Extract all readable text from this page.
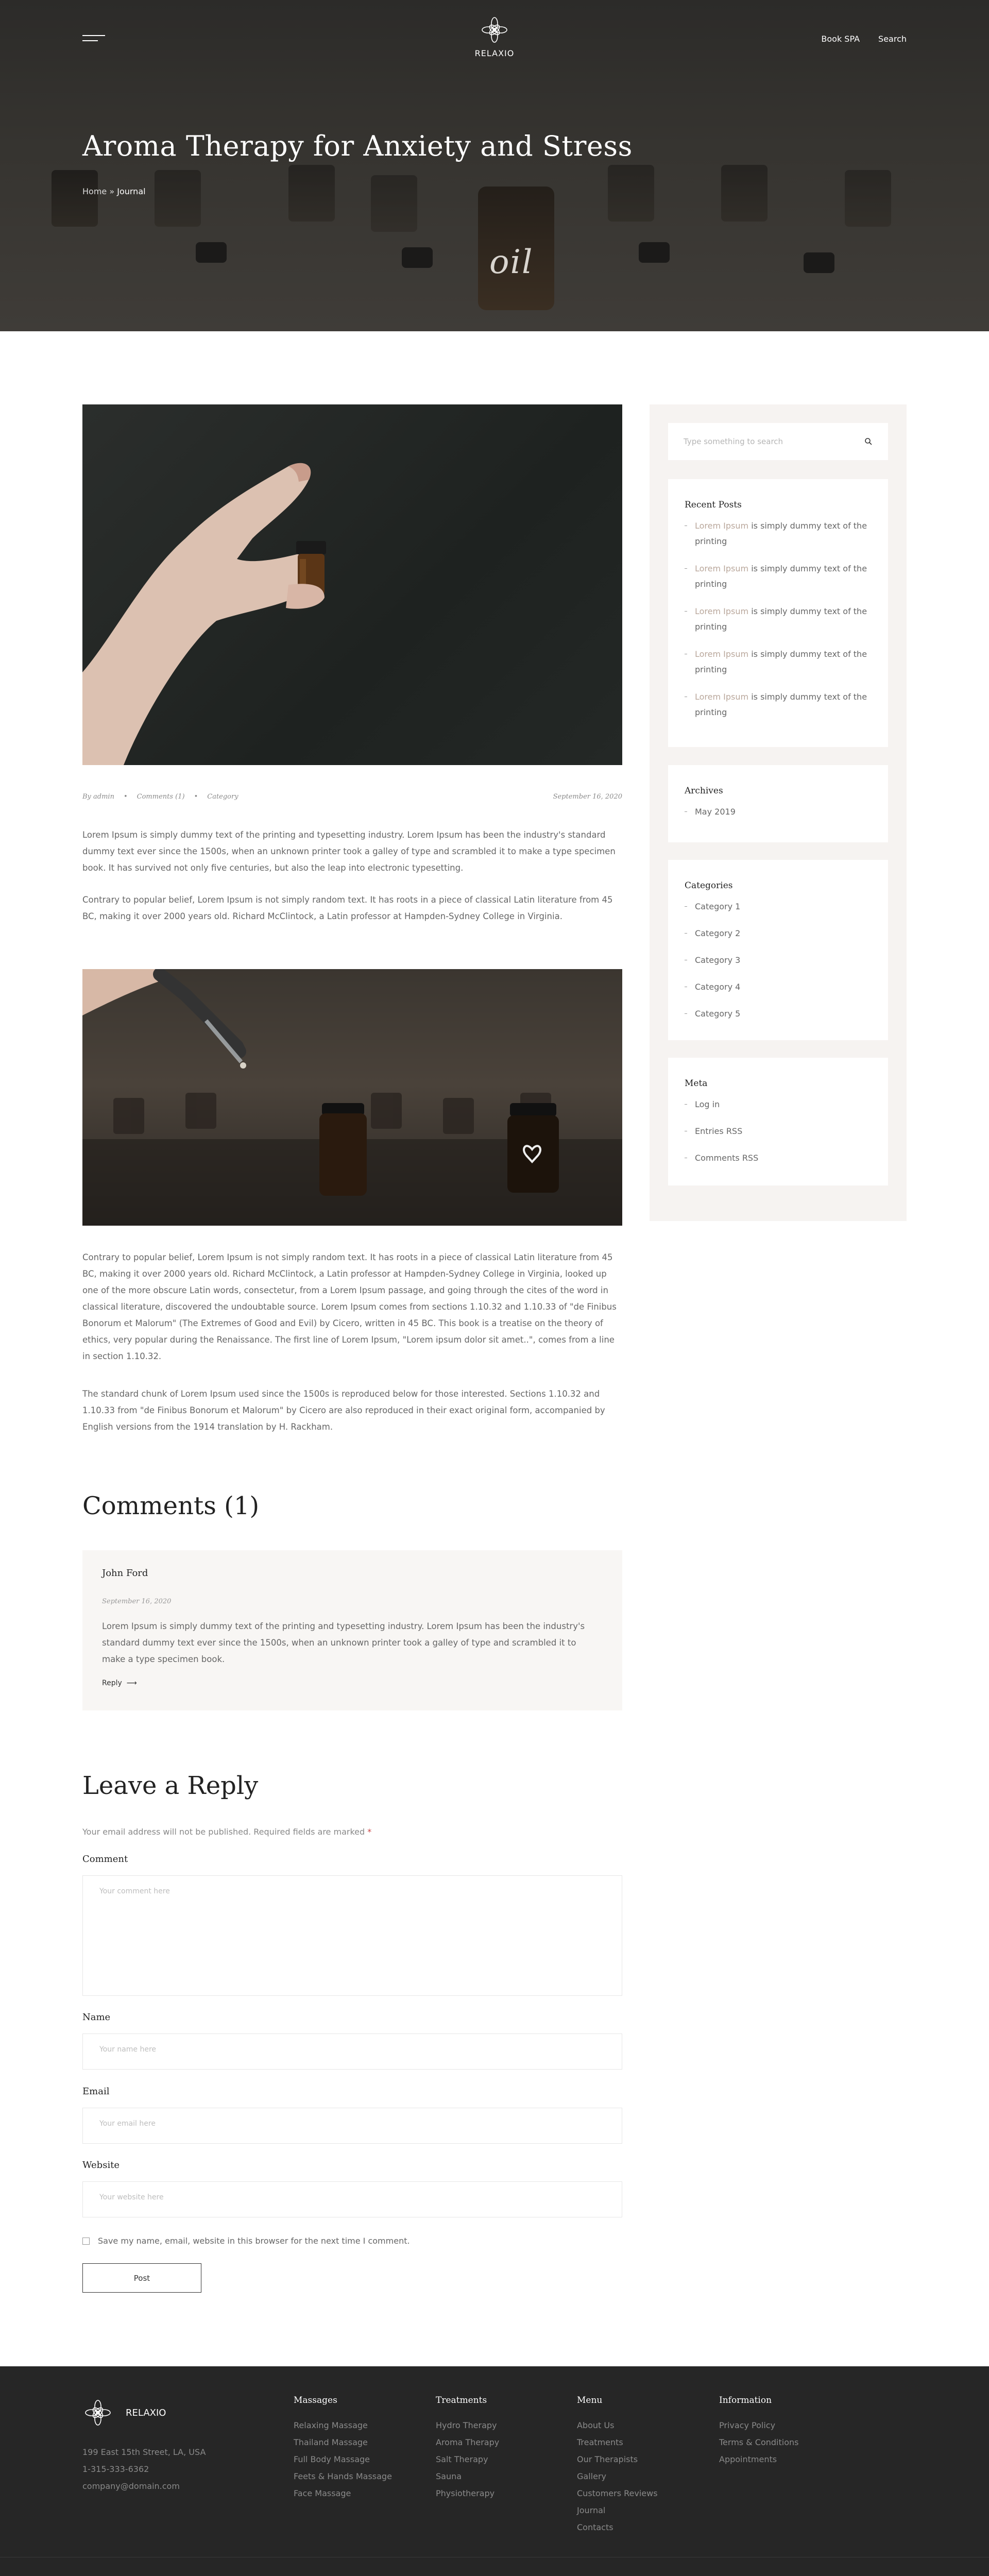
oil
RELAXIO
Book SPA Search
Aroma Therapy for Anxiety and Stress
Home » Journal
By admin • Comments (1) • Category	September 16, 2020

Lorem Ipsum is simply dummy text of the printing and typesetting industry. Lorem Ipsum has been the industry's standard dummy text ever since the 1500s, when an unknown printer took a galley of type and scrambled it to make a type specimen book. It has survived not only five centuries, but also the leap into electronic typesetting.

Contrary to popular belief, Lorem Ipsum is not simply random text. It has roots in a piece of classical Latin literature from 45 BC, making it over 2000 years old. Richard McClintock, a Latin professor at Hampden-Sydney College in Virginia.

Contrary to popular belief, Lorem Ipsum is not simply random text. It has roots in a piece of classical Latin literature from 45 BC, making it over 2000 years old. Richard McClintock, a Latin professor at Hampden-Sydney College in Virginia, looked up one of the more obscure Latin words, consectetur, from a Lorem Ipsum passage, and going through the cites of the word in classical literature, discovered the undoubtable source. Lorem Ipsum comes from sections 1.10.32 and 1.10.33 of "de Finibus Bonorum et Malorum" (The Extremes of Good and Evil) by Cicero, written in 45 BC. This book is a treatise on the theory of ethics, very popular during the Renaissance. The first line of Lorem Ipsum, "Lorem ipsum dolor sit amet..", comes from a line in section 1.10.32.

The standard chunk of Lorem Ipsum used since the 1500s is reproduced below for those interested. Sections 1.10.32 and 1.10.33 from "de Finibus Bonorum et Malorum" by Cicero are also reproduced in their exact original form, accompanied by English versions from the 1914 translation by H. Rackham.

Type something to search
Recent Posts
Lorem Ipsum is simply dummy text of the printing
Lorem Ipsum is simply dummy text of the printing
Lorem Ipsum is simply dummy text of the printing
Lorem Ipsum is simply dummy text of the printing
Lorem Ipsum is simply dummy text of the printing
Archives
May 2019
Categories
Category 1
Category 2
Category 3
Category 4
Category 5
Meta
Log in
Entries RSS
Comments RSS
Comments (1)
John Ford
September 16, 2020
Lorem Ipsum is simply dummy text of the printing and typesetting industry. Lorem Ipsum has been the industry's standard dummy text ever since the 1500s, when an unknown printer took a galley of type and scrambled it to make a type specimen book.
Reply  ⟶
Leave a Reply
Your email address will not be published. Required fields are marked *
Comment
Your comment here
Name
Your name here
Email
Your email here
Website
Your website here
Save my name, email, website in this browser for the next time I comment.
Post
RELAXIO
199 East 15th Street, LA, USA
1-315-333-6362
company@domain.com
Massages
Relaxing Massage
Thailand Massage
Full Body Massage
Feets & Hands Massage
Face Massage
Treatments
Hydro Therapy
Aroma Therapy
Salt Therapy
Sauna
Physiotherapy
Menu
About Us
Treatments
Our Therapists
Gallery
Customers Reviews
Journal
Contacts
Information
Privacy Policy
Terms & Conditions
Appointments
